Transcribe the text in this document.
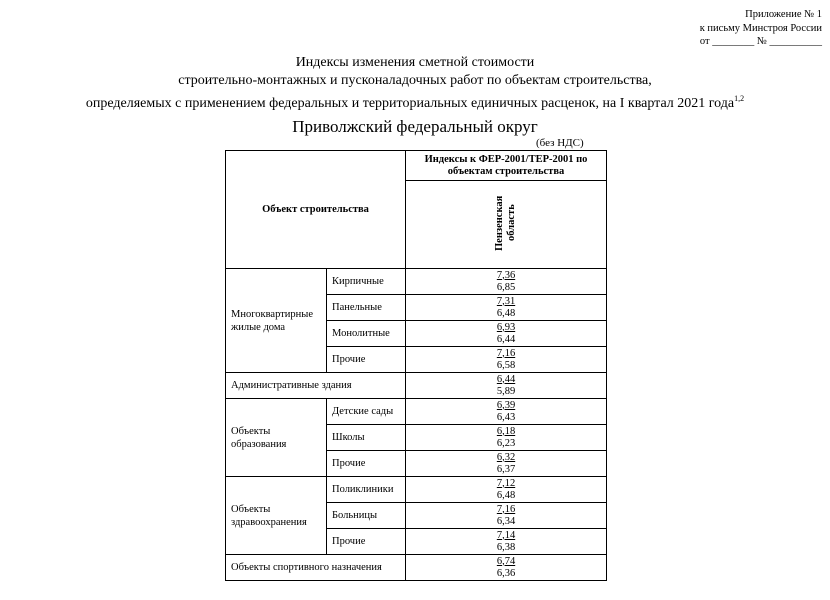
Приложение № 1
к письму Минстроя России
от ________ № __________
Индексы изменения сметной стоимости
строительно-монтажных и пусконаладочных работ по объектам строительства,
определяемых с применением федеральных и территориальных единичных расценок, на I квартал 2021 года$^{1,2}$
Приволжский федеральный округ
(без НДС)
Объект строительства		Индексы к ФЕР-2001/ТЕР-2001 по объектам строительства
		Пензенская область
Многоквартирные жилые дома	Кирпичные	7,36
6,85

	Панельные	7,31
6,48

	Монолитные	6,93
6,44

	Прочие	7,16
6,58

Административные здания		6,44
5,89

Объекты образования	Детские сады	6,39
6,43

	Школы	6,18
6,23

	Прочие	6,32
6,37

Объекты здравоохранения	Поликлиники	7,12
6,48

	Больницы	7,16
6,34

	Прочие	7,14
6,38

Объекты спортивного назначения		6,74
6,36
